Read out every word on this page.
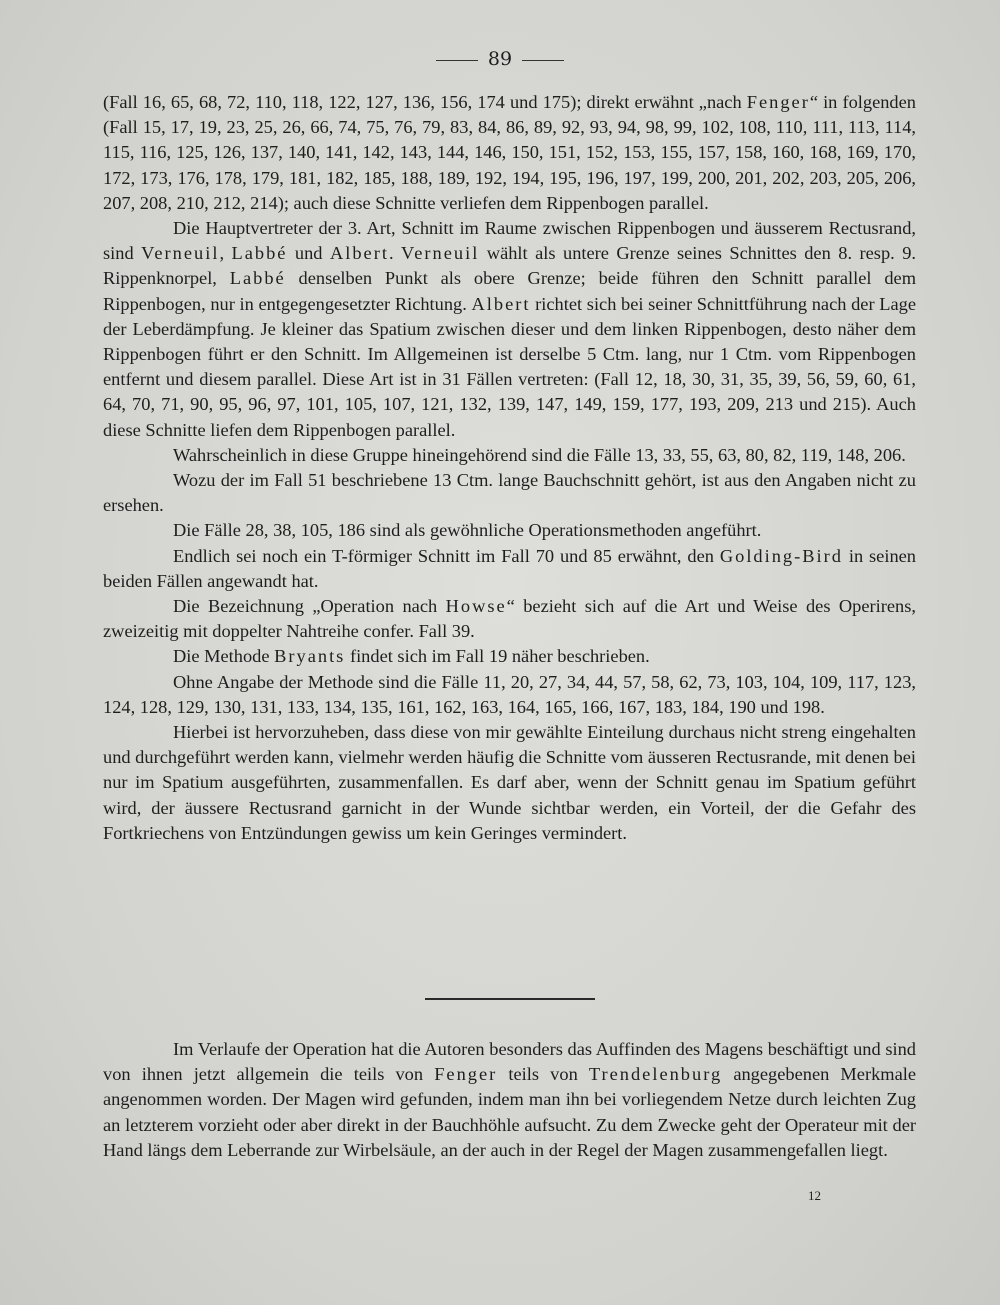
89

(Fall 16, 65, 68, 72, 110, 118, 122, 127, 136, 156, 174 und 175); direkt erwähnt „nach Fenger“ in folgenden (Fall 15, 17, 19, 23, 25, 26, 66, 74, 75, 76, 79, 83, 84, 86, 89, 92, 93, 94, 98, 99, 102, 108, 110, 111, 113, 114, 115, 116, 125, 126, 137, 140, 141, 142, 143, 144, 146, 150, 151, 152, 153, 155, 157, 158, 160, 168, 169, 170, 172, 173, 176, 178, 179, 181, 182, 185, 188, 189, 192, 194, 195, 196, 197, 199, 200, 201, 202, 203, 205, 206, 207, 208, 210, 212, 214); auch diese Schnitte verliefen dem Rippenbogen parallel.

Die Hauptvertreter der 3. Art, Schnitt im Raume zwischen Rippenbogen und äusserem Rectusrand, sind Verneuil, Labbé und Albert. Verneuil wählt als untere Grenze seines Schnittes den 8. resp. 9. Rippenknorpel, Labbé denselben Punkt als obere Grenze; beide führen den Schnitt parallel dem Rippenbogen, nur in entgegengesetzter Richtung. Albert richtet sich bei seiner Schnittführung nach der Lage der Leberdämpfung. Je kleiner das Spatium zwischen dieser und dem linken Rippenbogen, desto näher dem Rippenbogen führt er den Schnitt. Im Allgemeinen ist derselbe 5 Ctm. lang, nur 1 Ctm. vom Rippenbogen entfernt und diesem parallel. Diese Art ist in 31 Fällen vertreten: (Fall 12, 18, 30, 31, 35, 39, 56, 59, 60, 61, 64, 70, 71, 90, 95, 96, 97, 101, 105, 107, 121, 132, 139, 147, 149, 159, 177, 193, 209, 213 und 215). Auch diese Schnitte liefen dem Rippenbogen parallel.

Wahrscheinlich in diese Gruppe hineingehörend sind die Fälle 13, 33, 55, 63, 80, 82, 119, 148, 206.

Wozu der im Fall 51 beschriebene 13 Ctm. lange Bauchschnitt gehört, ist aus den Angaben nicht zu ersehen.

Die Fälle 28, 38, 105, 186 sind als gewöhnliche Operationsmethoden angeführt.

Endlich sei noch ein T-förmiger Schnitt im Fall 70 und 85 erwähnt, den Golding-Bird in seinen beiden Fällen angewandt hat.

Die Bezeichnung „Operation nach Howse“ bezieht sich auf die Art und Weise des Operirens, zweizeitig mit doppelter Nahtreihe confer. Fall 39.

Die Methode Bryants findet sich im Fall 19 näher beschrieben.

Ohne Angabe der Methode sind die Fälle 11, 20, 27, 34, 44, 57, 58, 62, 73, 103, 104, 109, 117, 123, 124, 128, 129, 130, 131, 133, 134, 135, 161, 162, 163, 164, 165, 166, 167, 183, 184, 190 und 198.

Hierbei ist hervorzuheben, dass diese von mir gewählte Einteilung durchaus nicht streng eingehalten und durchgeführt werden kann, vielmehr werden häufig die Schnitte vom äusseren Rectusrande, mit denen bei nur im Spatium ausgeführten, zusammenfallen. Es darf aber, wenn der Schnitt genau im Spatium geführt wird, der äussere Rectusrand garnicht in der Wunde sichtbar werden, ein Vorteil, der die Gefahr des Fortkriechens von Entzündungen gewiss um kein Geringes vermindert.

Im Verlaufe der Operation hat die Autoren besonders das Auffinden des Magens beschäftigt und sind von ihnen jetzt allgemein die teils von Fenger teils von Trendelenburg angegebenen Merkmale angenommen worden. Der Magen wird gefunden, indem man ihn bei vorliegendem Netze durch leichten Zug an letzterem vorzieht oder aber direkt in der Bauchhöhle aufsucht. Zu dem Zwecke geht der Operateur mit der Hand längs dem Leberrande zur Wirbelsäule, an der auch in der Regel der Magen zusammengefallen liegt.

12
